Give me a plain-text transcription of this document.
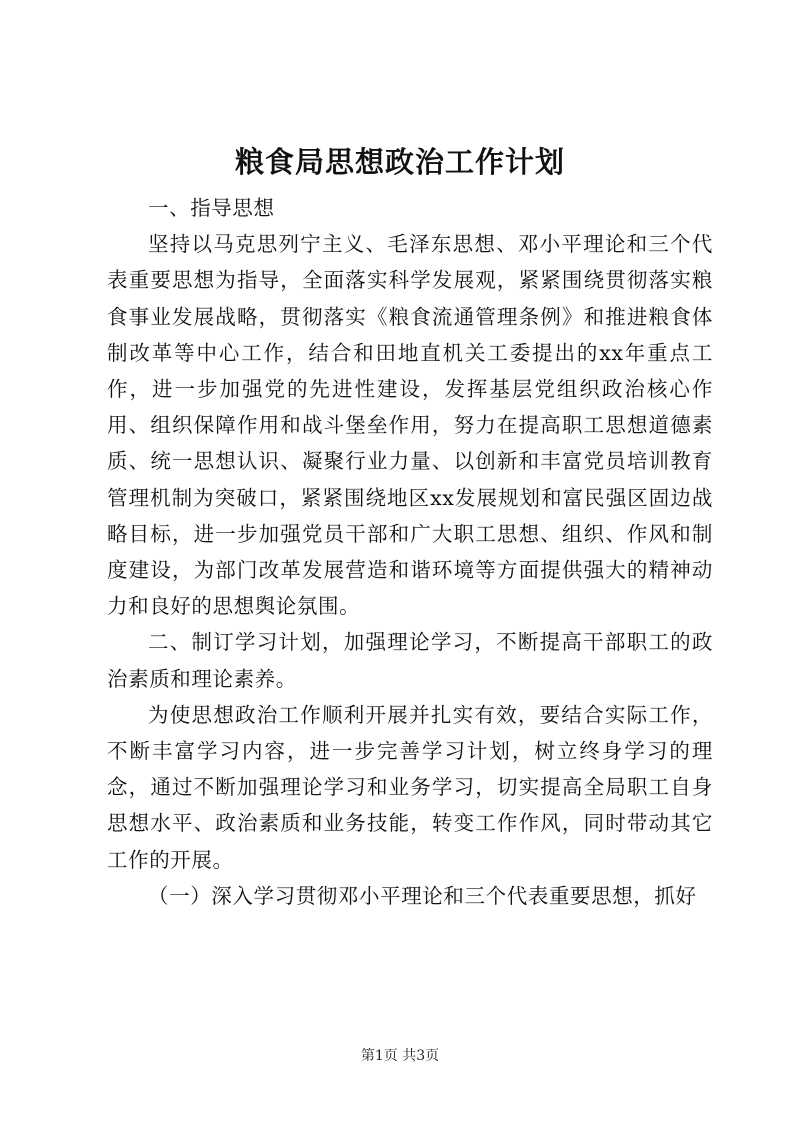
粮食局思想政治工作计划

一、指导思想

坚持以马克思列宁主义、毛泽东思想、邓小平理论和三个代表重要思想为指导，全面落实科学发展观，紧紧围绕贯彻落实粮食事业发展战略，贯彻落实《粮食流通管理条例》和推进粮食体制改革等中心工作，结合和田地直机关工委提出的xx年重点工作，进一步加强党的先进性建设，发挥基层党组织政治核心作用、组织保障作用和战斗堡垒作用，努力在提高职工思想道德素质、统一思想认识、凝聚行业力量、以创新和丰富党员培训教育管理机制为突破口，紧紧围绕地区xx发展规划和富民强区固边战略目标，进一步加强党员干部和广大职工思想、组织、作风和制度建设，为部门改革发展营造和谐环境等方面提供强大的精神动力和良好的思想舆论氛围。

二、制订学习计划，加强理论学习，不断提高干部职工的政治素质和理论素养。

为使思想政治工作顺利开展并扎实有效，要结合实际工作，不断丰富学习内容，进一步完善学习计划，树立终身学习的理念，通过不断加强理论学习和业务学习，切实提高全局职工自身思想水平、政治素质和业务技能，转变工作作风，同时带动其它工作的开展。

（一）深入学习贯彻邓小平理论和三个代表重要思想，抓好

第1页 共3页
